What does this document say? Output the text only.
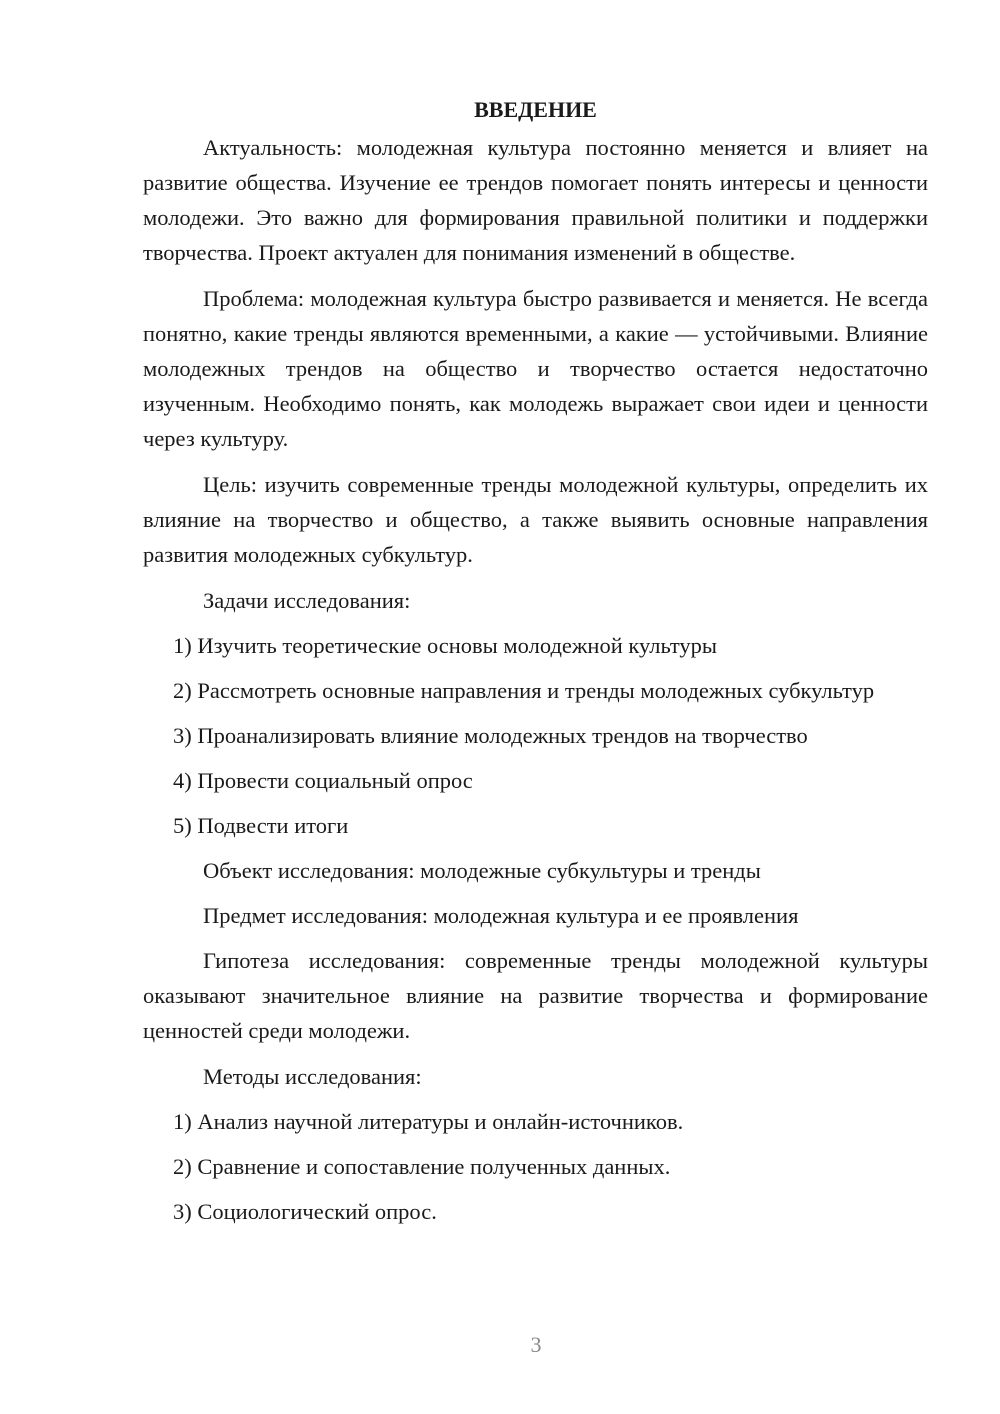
ВВЕДЕНИЕ

Актуальность: молодежная культура постоянно меняется и влияет на развитие общества. Изучение ее трендов помогает понять интересы и ценности молодежи. Это важно для формирования правильной политики и поддержки творчества. Проект актуален для понимания изменений в обществе.

Проблема: молодежная культура быстро развивается и меняется. Не всегда понятно, какие тренды являются временными, а какие — устойчивыми. Влияние молодежных трендов на общество и творчество остается недостаточно изученным. Необходимо понять, как молодежь выражает свои идеи и ценности через культуру.

Цель: изучить современные тренды молодежной культуры, определить их влияние на творчество и общество, а также выявить основные направления развития молодежных субкультур.

Задачи исследования:

1) Изучить теоретические основы молодежной культуры

2) Рассмотреть основные направления и тренды молодежных субкультур

3) Проанализировать влияние молодежных трендов на творчество

4) Провести социальный опрос

5) Подвести итоги

Объект исследования: молодежные субкультуры и тренды

Предмет исследования: молодежная культура и ее проявления

Гипотеза исследования: современные тренды молодежной культуры оказывают значительное влияние на развитие творчества и формирование ценностей среди молодежи.

Методы исследования:

1) Анализ научной литературы и онлайн-источников.

2) Сравнение и сопоставление полученных данных.

3) Социологический опрос.

3
